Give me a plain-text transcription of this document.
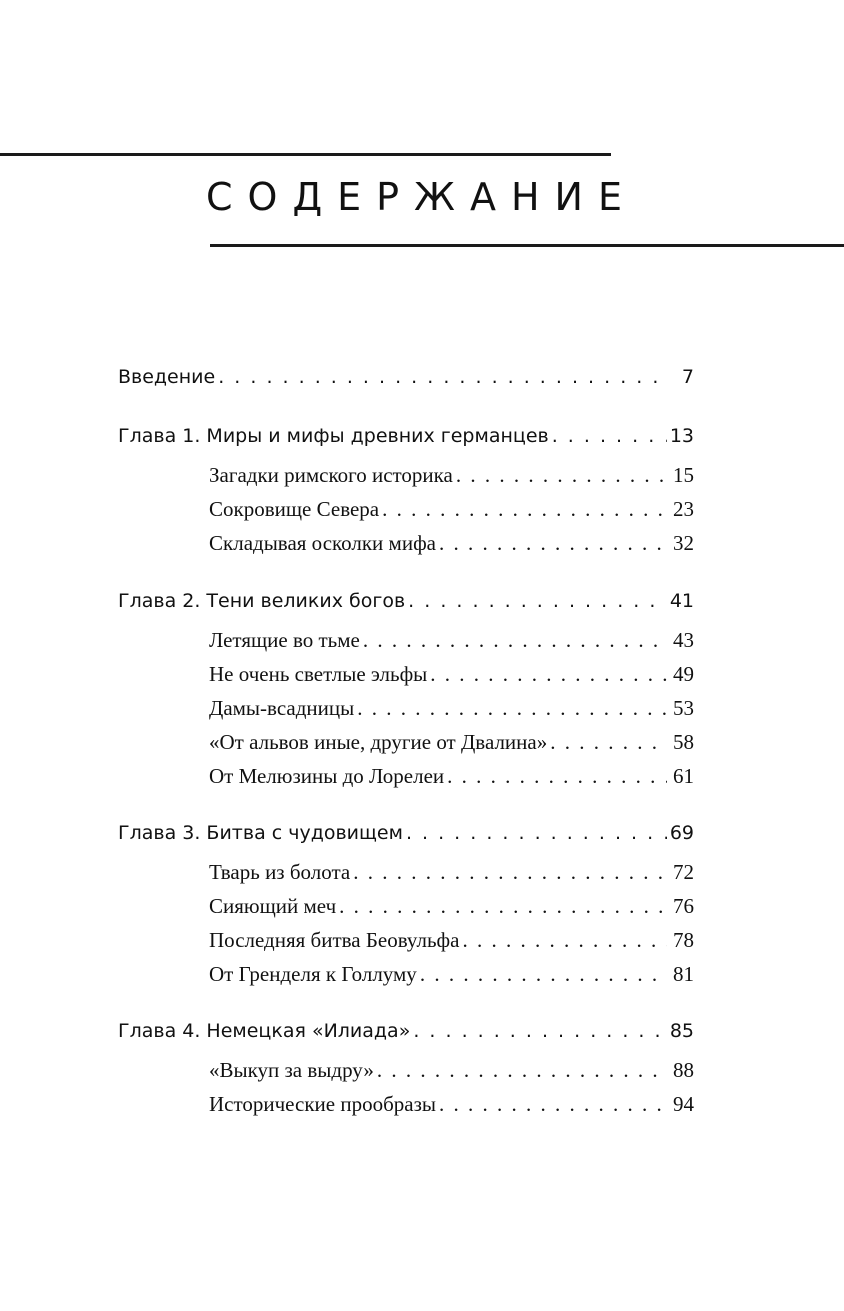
СОДЕРЖАНИЕ
Введение . . .	7
Глава 1. Миры и мифы древних германцев . . .	13
Загадки римского историка . . .	15
Сокровище Севера . . .	23
Складывая осколки мифа . . .	32
Глава 2. Тени великих богов . . .	41
Летящие во тьме . . .	43
Не очень светлые эльфы . . .	49
Дамы-всадницы . . .	53
«От альвов иные, другие от Двалина» . . .	58
От Мелюзины до Лорелеи . . .	61
Глава 3. Битва с чудовищем . . .	69
Тварь из болота . . .	72
Сияющий меч . . .	76
Последняя битва Беовульфа . . .	78
От Гренделя к Голлуму . . .	81
Глава 4. Немецкая «Илиада» . . .	85
«Выкуп за выдру» . . .	88
Исторические прообразы . . .	94
